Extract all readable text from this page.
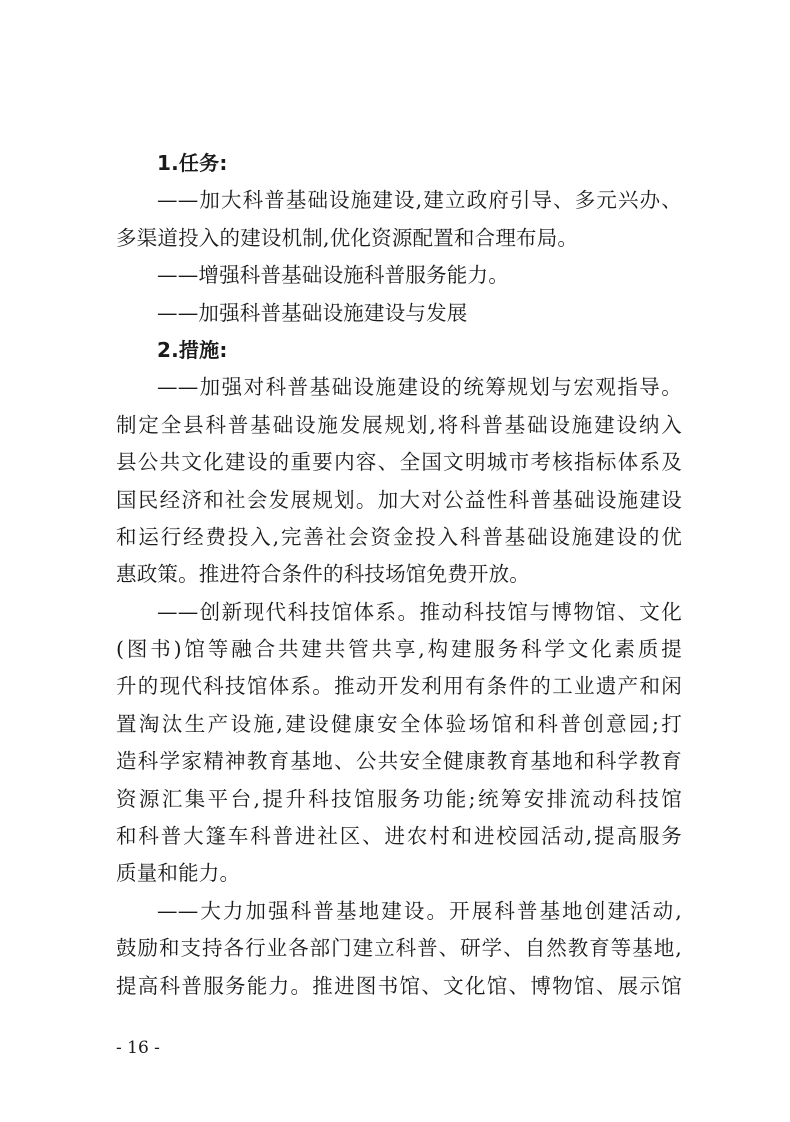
1.任务:
——加大科普基础设施建设,建立政府引导、多元兴办、
多渠道投入的建设机制,优化资源配置和合理布局。
——增强科普基础设施科普服务能力。
——加强科普基础设施建设与发展
2.措施:
——加强对科普基础设施建设的统筹规划与宏观指导。
制定全县科普基础设施发展规划,将科普基础设施建设纳入
县公共文化建设的重要内容、全国文明城市考核指标体系及
国民经济和社会发展规划。加大对公益性科普基础设施建设
和运行经费投入,完善社会资金投入科普基础设施建设的优
惠政策。推进符合条件的科技场馆免费开放。
——创新现代科技馆体系。推动科技馆与博物馆、文化
(图书)馆等融合共建共管共享,构建服务科学文化素质提
升的现代科技馆体系。推动开发利用有条件的工业遗产和闲
置淘汰生产设施,建设健康安全体验场馆和科普创意园;打
造科学家精神教育基地、公共安全健康教育基地和科学教育
资源汇集平台,提升科技馆服务功能;统筹安排流动科技馆
和科普大篷车科普进社区、进农村和进校园活动,提高服务
质量和能力。
——大力加强科普基地建设。开展科普基地创建活动,
鼓励和支持各行业各部门建立科普、研学、自然教育等基地,
提高科普服务能力。推进图书馆、文化馆、博物馆、展示馆
- 16 -
